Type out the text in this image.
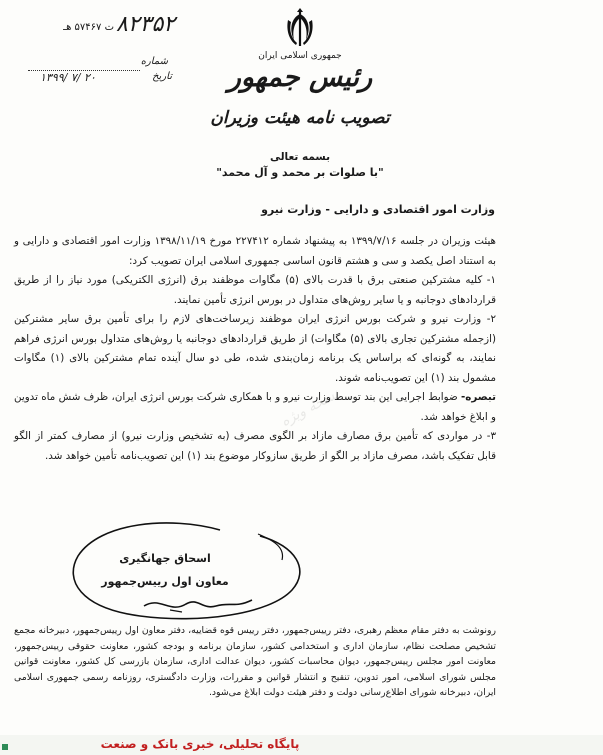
۸۲۳۵۲
ت ۵۷۴۶۷ هـ
شماره
۱۳۹۹/ ۷/ ۲۰	تاریخ
جمهوری اسلامی ایران
رئیس جمهور
تصویب نامه هیئت وزیران
بسمه تعالی
"با صلوات بر محمد و آل محمد"
وزارت امور اقتصادی و دارایی - وزارت نیرو
هیئت وزیران در جلسه ۱۳۹۹/۷/۱۶ به پیشنهاد شماره ۲۲۷۴۱۲ مورخ ۱۳۹۸/۱۱/۱۹ وزارت امور اقتصادی و دارایی و به استناد اصل یکصد و سی و هشتم قانون اساسی جمهوری اسلامی ایران تصویب کرد:
۱- کلیه مشترکین صنعتی برق با قدرت بالای (۵) مگاوات موظفند برق (انرژی الکتریکی) مورد نیاز را از طریق قراردادهای دوجانبه و یا سایر روش‌های متداول در بورس انرژی تأمین نمایند.
۲- وزارت نیرو و شرکت بورس انرژی ایران موظفند زیرساخت‌های لازم را برای تأمین برق سایر مشترکین (ازجمله مشترکین تجاری بالای (۵) مگاوات) از طریق قراردادهای دوجانبه یا روش‌های متداول بورس انرژی فراهم نمایند، به گونه‌ای که براساس یک برنامه زمان‌بندی شده، طی دو سال آینده تمام مشترکین بالای (۱) مگاوات مشمول بند (۱) این تصویب‌نامه شوند.
تبصره- ضوابط اجرایی این بند توسط وزارت نیرو و با همکاری شرکت بورس انرژی ایران، ظرف شش ماه تدوین و ابلاغ خواهد شد.
۳- در مواردی که تأمین برق مصارف مازاد بر الگوی مصرف (به تشخیص وزارت نیرو) از مصارف کمتر از الگو قابل تفکیک باشد، مصرف مازاد بر الگو از طریق سازوکار موضوع بند (۱) این تصویب‌نامه تأمین خواهد شد.
اسحاق جهانگیری
معاون اول رییس‌جمهور
رونوشت به دفتر مقام معظم رهبری، دفتر رییس‌جمهور، دفتر رییس قوه قضاییه، دفتر معاون اول رییس‌جمهور، دبیرخانه مجمع تشخیص مصلحت نظام، سازمان اداری و استخدامی کشور، سازمان برنامه و بودجه کشور، معاونت حقوقی رییس‌جمهور، معاونت امور مجلس رییس‌جمهور، دیوان محاسبات کشور، دیوان عدالت اداری، سازمان بازرسی کل کشور، معاونت قوانین مجلس شورای اسلامی، امور تدوین، تنقیح و انتشار قوانین و مقررات، وزارت دادگستری، روزنامه رسمی جمهوری اسلامی ایران، دبیرخانه شورای اطلاع‌رسانی دولت و دفتر هیئت دولت ابلاغ می‌شود.
نسخه ویژه
پایگاه تحلیلی، خبری بانک و صنعت
